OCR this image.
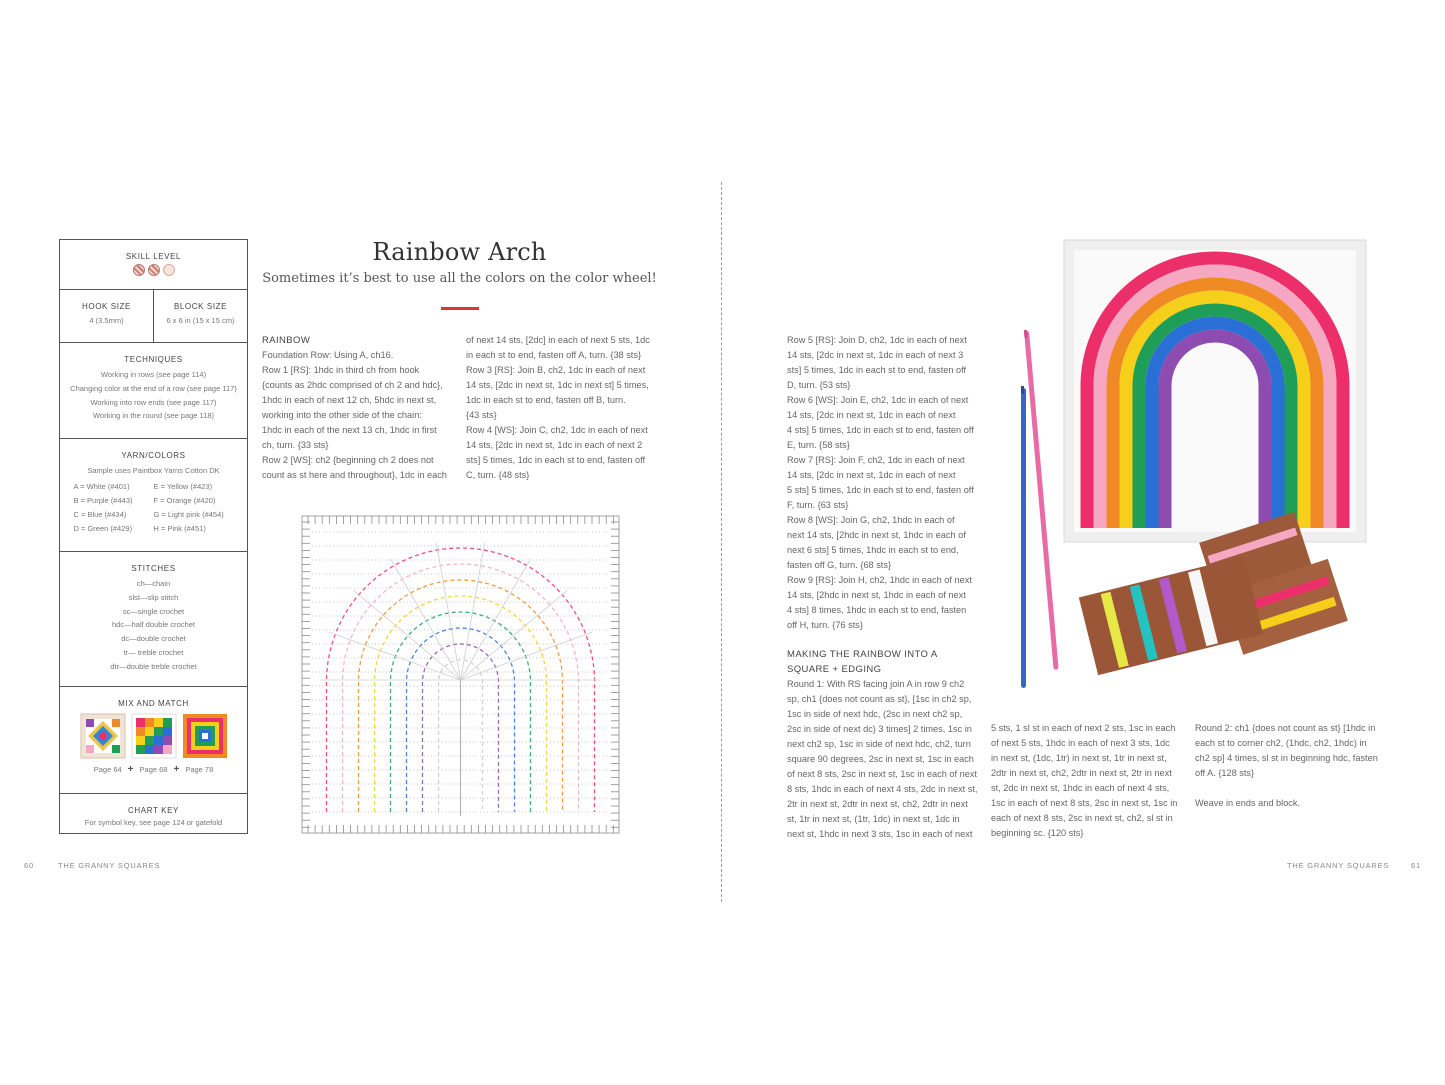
SKILL LEVEL
HOOK SIZE
4 (3.5mm)
BLOCK SIZE
6 x 6 in (15 x 15 cm)
TECHNIQUES
Working in rows (see page 114)
Changing color at the end of a row (see page 117)
Working into row ends (see page 117)
Working in the round (see page 118)
YARN/COLORS
Sample uses Paintbox Yarns Cotton DK
A = White (#401)	E = Yellow (#423)
B = Purple (#443)	F = Orange (#420)
C = Blue (#434)	G = Light pink (#454)
D = Green (#429)	H = Pink (#451)
STITCHES
ch—chain
slst—slip stitch
sc—single crochet
hdc—half double crochet
dc—double crochet
tr— treble crochet
dtr—double treble crochet
MIX AND MATCH
Page 64 + Page 68 + Page 78
CHART KEY
For symbol key, see page 124 or gatefold
Rainbow Arch
Sometimes it’s best to use all the colors on the color wheel!
RAINBOW

Foundation Row: Using A, ch16.

Row 1 [RS]: 1hdc in third ch from hook

{counts as 2hdc comprised of ch 2 and hdc},

1hdc in each of next 12 ch, 5hdc in next st,

working into the other side of the chain:

1hdc in each of the next 13 ch, 1hdc in first

ch, turn. {33 sts}

Row 2 [WS]: ch2 {beginning ch 2 does not

count as st here and throughout}, 1dc in each

of next 14 sts, [2dc] in each of next 5 sts, 1dc

in each st to end, fasten off A, turn. {38 sts}

Row 3 [RS]: Join B, ch2, 1dc in each of next

14 sts, [2dc in next st, 1dc in next st] 5 times,

1dc in each st to end, fasten off B, turn.

{43 sts}

Row 4 [WS]: Join C, ch2, 1dc in each of next

14 sts, [2dc in next st, 1dc in each of next 2

sts] 5 times, 1dc in each st to end, fasten off

C, turn. {48 sts}

60	THE GRANNY SQUARES

Row 5 [RS]: Join D, ch2, 1dc in each of next

14 sts, [2dc in next st, 1dc in each of next 3

sts] 5 times, 1dc in each st to end, fasten off

D, turn. {53 sts}

Row 6 [WS]: Join E, ch2, 1dc in each of next

14 sts, [2dc in next st, 1dc in each of next

4 sts] 5 times, 1dc in each st to end, fasten off

E, turn. {58 sts}

Row 7 [RS]: Join F, ch2, 1dc in each of next

14 sts, [2dc in next st, 1dc in each of next

5 sts] 5 times, 1dc in each st to end, fasten off

F, turn. {63 sts}

Row 8 [WS]: Join G, ch2, 1hdc in each of

next 14 sts, [2hdc in next st, 1hdc in each of

next 6 sts] 5 times, 1hdc in each st to end,

fasten off G, turn. {68 sts}

Row 9 [RS]: Join H, ch2, 1hdc in each of next

14 sts, [2hdc in next st, 1hdc in each of next

4 sts] 8 times, 1hdc in each st to end, fasten

off H, turn. {76 sts}

MAKING THE RAINBOW INTO A
SQUARE + EDGING

Round 1: With RS facing join A in row 9 ch2

sp, ch1 {does not count as st}, [1sc in ch2 sp,

1sc in side of next hdc, (2sc in next ch2 sp,

2sc in side of next dc) 3 times] 2 times, 1sc in

next ch2 sp, 1sc in side of next hdc, ch2, turn

square 90 degrees, 2sc in next st, 1sc in each

of next 8 sts, 2sc in next st, 1sc in each of next

8 sts, 1hdc in each of next 4 sts, 2dc in next st,

2tr in next st, 2dtr in next st, ch2, 2dtr in next

st, 1tr in next st, (1tr, 1dc) in next st, 1dc in

next st, 1hdc in next 3 sts, 1sc in each of next

5 sts, 1 sl st in each of next 2 sts, 1sc in each

of next 5 sts, 1hdc in each of next 3 sts, 1dc

in next st, (1dc, 1tr) in next st, 1tr in next st,

2dtr in next st, ch2, 2dtr in next st, 2tr in next

st, 2dc in next st, 1hdc in each of next 4 sts,

1sc in each of next 8 sts, 2sc in next st, 1sc in

each of next 8 sts, 2sc in next st, ch2, sl st in

beginning sc. {120 sts}

Round 2: ch1 {does not count as st} [1hdc in

each st to corner ch2, (1hdc, ch2, 1hdc) in

ch2 sp] 4 times, sl st in beginning hdc, fasten

off A. {128 sts}

Weave in ends and block.

THE GRANNY SQUARES	61
